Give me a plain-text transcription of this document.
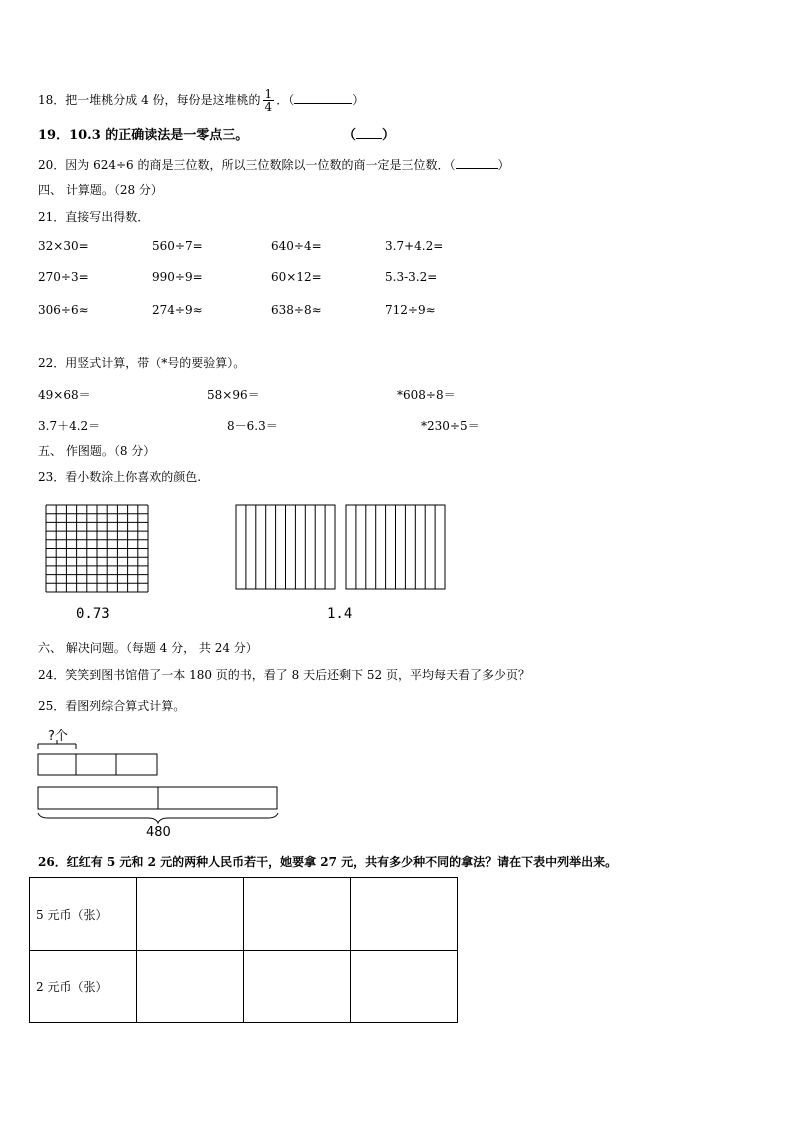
18．把一堆桃分成 4 份，每份是这堆桃的 $\frac{1}{4}$ ．（	）
19．10.3 的正确读法是一零点三。	（ ）
20．因为 624÷6 的商是三位数，所以三位数除以一位数的商一定是三位数．（	）
四、 计算题。（28 分）
21．直接写出得数．
32×30=	560÷7=	640÷4=	3.7+4.2=
270÷3=	990÷9=	60×12=	5.3-3.2=
306÷6≈	274÷9≈	638÷8≈	712÷9≈
22．用竖式计算，带（*号的要验算）。
49×68＝	58×96＝	*608÷8＝
3.7＋4.2＝	8－6.3＝	*230÷5＝
五、 作图题。（8 分）
23．看小数涂上你喜欢的颜色.
0.73	1.4
六、 解决问题。（每题 4 分， 共 24 分）
24．笑笑到图书馆借了一本 180 页的书，看了 8 天后还剩下 52 页，平均每天看了多少页？
25．看图列综合算式计算。
?个
480
26．红红有 5 元和 2 元的两种人民币若干，她要拿 27 元，共有多少种不同的拿法？请在下表中列举出来。
5 元币（张）			
2 元币（张）			
